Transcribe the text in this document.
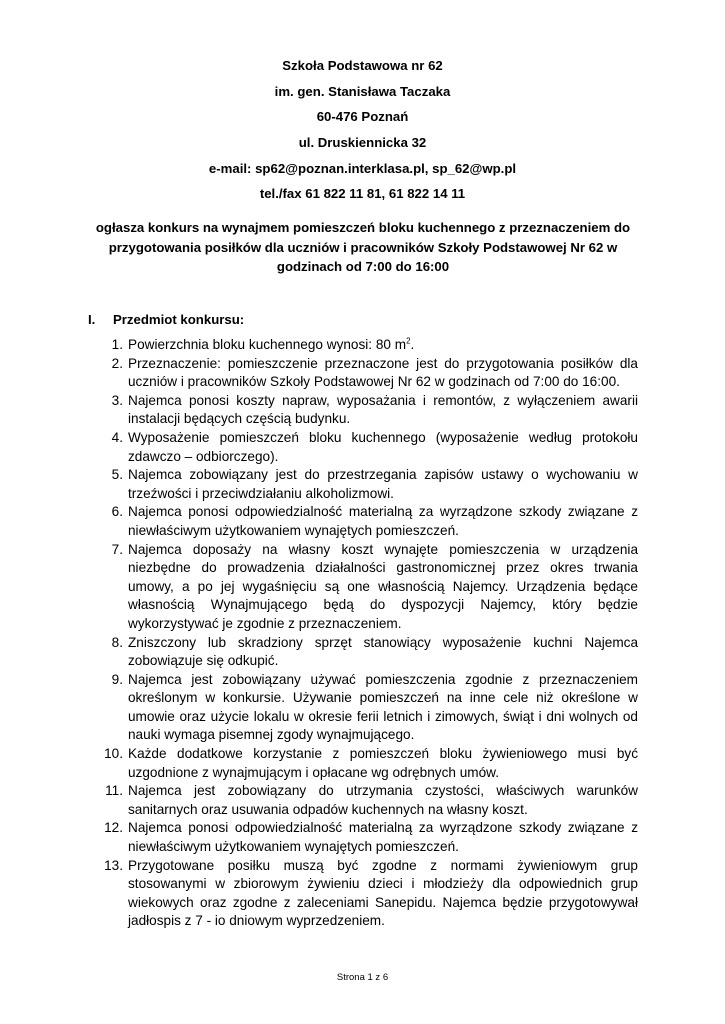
Szkoła Podstawowa nr 62
im. gen. Stanisława Taczaka
60-476 Poznań
ul. Druskiennicka 32
e-mail: sp62@poznan.interklasa.pl, sp_62@wp.pl
tel./fax 61 822 11 81, 61 822 14 11
ogłasza konkurs na wynajmem pomieszczeń bloku kuchennego z przeznaczeniem do przygotowania posiłków dla uczniów i pracowników Szkoły Podstawowej Nr 62 w godzinach od 7:00 do 16:00
I. Przedmiot konkursu:
1. Powierzchnia bloku kuchennego wynosi: 80 $m^2$.
2. Przeznaczenie: pomieszczenie przeznaczone jest do przygotowania posiłków dla uczniów i pracowników Szkoły Podstawowej Nr 62 w godzinach od 7:00 do 16:00.
3. Najemca ponosi koszty napraw, wyposażania i remontów, z wyłączeniem awarii instalacji będących częścią budynku.
4. Wyposażenie pomieszczeń bloku kuchennego (wyposażenie według protokołu zdawczo – odbiorczego).
5. Najemca zobowiązany jest do przestrzegania zapisów ustawy o wychowaniu w trzeźwości i przeciwdziałaniu alkoholizmowi.
6. Najemca ponosi odpowiedzialność materialną za wyrządzone szkody związane z niewłaściwym użytkowaniem wynajętych pomieszczeń.
7. Najemca doposaży na własny koszt wynajęte pomieszczenia w urządzenia niezbędne do prowadzenia działalności gastronomicznej przez okres trwania umowy, a po jej wygaśnięciu są one własnością Najemcy. Urządzenia będące własnością Wynajmującego będą do dyspozycji Najemcy, który będzie wykorzystywać je zgodnie z przeznaczeniem.
8. Zniszczony lub skradziony sprzęt stanowiący wyposażenie kuchni Najemca zobowiązuje się odkupić.
9. Najemca jest zobowiązany używać pomieszczenia zgodnie z przeznaczeniem określonym w konkursie. Używanie pomieszczeń na inne cele niż określone w umowie oraz użycie lokalu w okresie ferii letnich i zimowych, świąt i dni wolnych od nauki wymaga pisemnej zgody wynajmującego.
10. Każde dodatkowe korzystanie z pomieszczeń bloku żywieniowego musi być uzgodnione z wynajmującym i opłacane wg odrębnych umów.
11. Najemca jest zobowiązany do utrzymania czystości, właściwych warunków sanitarnych oraz usuwania odpadów kuchennych na własny koszt.
12. Najemca ponosi odpowiedzialność materialną za wyrządzone szkody związane z niewłaściwym użytkowaniem wynajętych pomieszczeń.
13. Przygotowane posiłku muszą być zgodne z normami żywieniowym grup stosowanymi w zbiorowym żywieniu dzieci i młodzieży dla odpowiednich grup wiekowych oraz zgodne z zaleceniami Sanepidu. Najemca będzie przygotowywał jadłospis z 7 - io dniowym wyprzedzeniem.
Strona 1 z 6
